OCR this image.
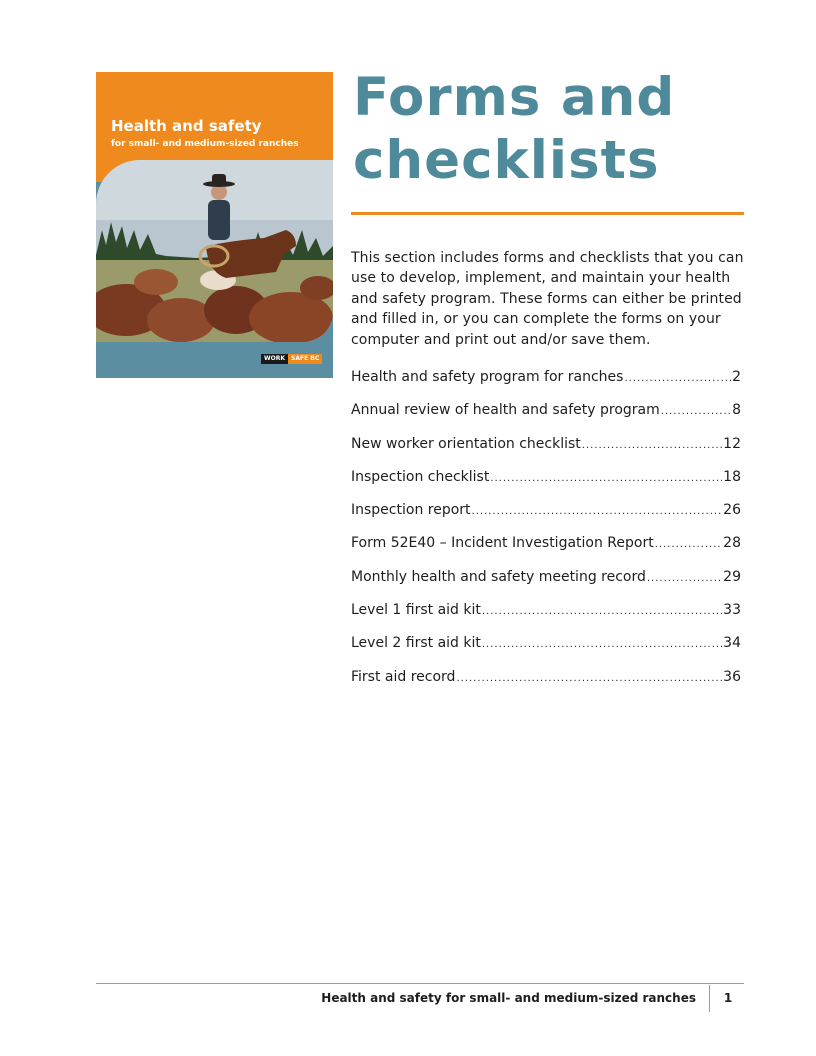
Health and safety
for small- and medium-sized ranches
WORK	SAFE BC
Forms and
checklists

This section includes forms and checklists that you can use to develop, implement, and maintain your health and safety program. These forms can either be printed and filled in, or you can complete the forms on your computer and print out and/or save them.

Health and safety program for ranches .....	2
Annual review of health and safety program .....	8
New worker orientation checklist .....	12
Inspection checklist .....	18
Inspection report .....	26
Form 52E40 – Incident Investigation Report .....	28
Monthly health and safety meeting record .....	29
Level 1 first aid kit .....	33
Level 2 first aid kit .....	34
First aid record .....	36
Health and safety for small- and medium-sized ranches	1
